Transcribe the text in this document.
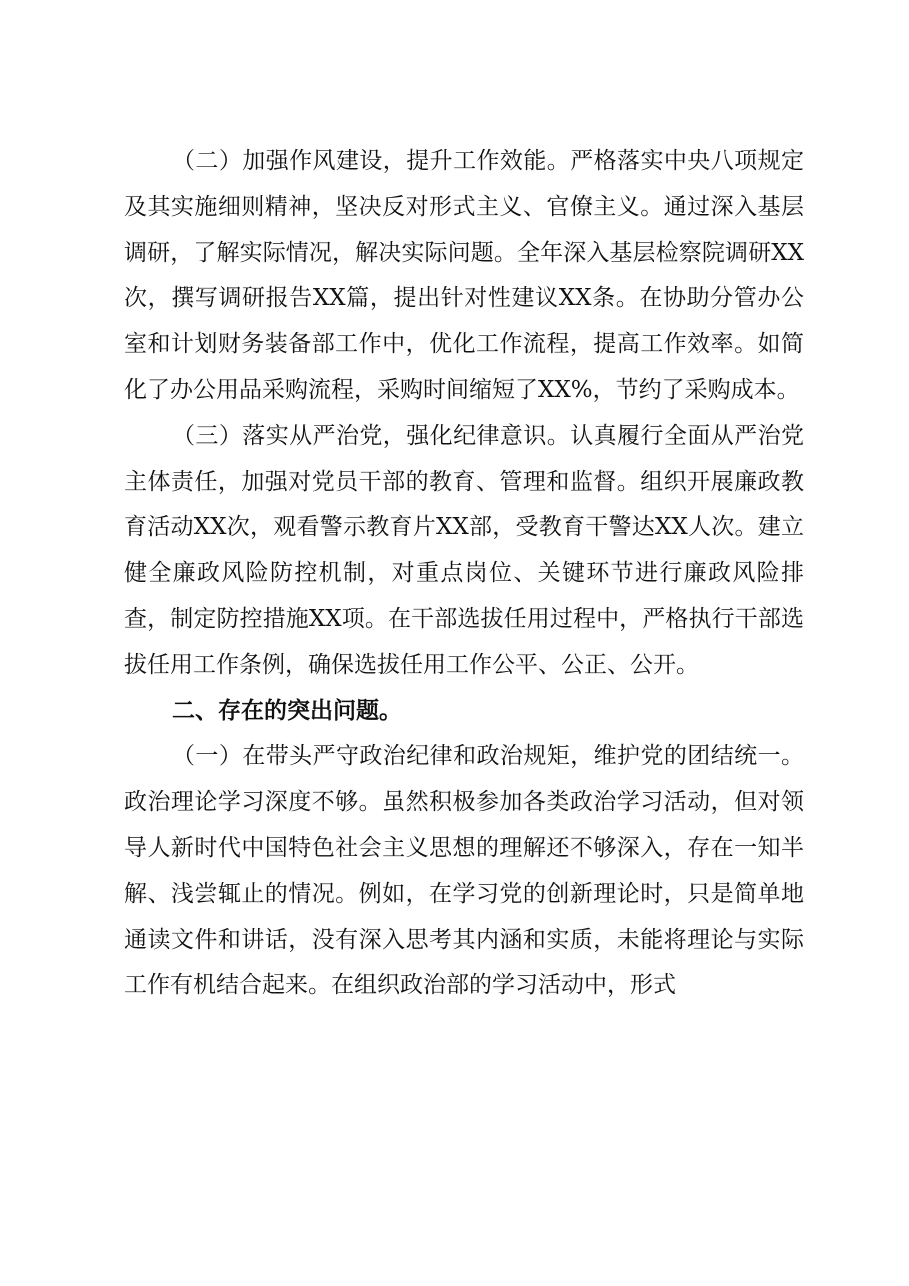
（二）加强作风建设，提升工作效能。严格落实中央八项规定及其实施细则精神，坚决反对形式主义、官僚主义。通过深入基层调研，了解实际情况，解决实际问题。全年深入基层检察院调研XX次，撰写调研报告XX篇，提出针对性建议XX条。在协助分管办公室和计划财务装备部工作中，优化工作流程，提高工作效率。如简化了办公用品采购流程，采购时间缩短了XX%，节约了采购成本。

（三）落实从严治党，强化纪律意识。认真履行全面从严治党主体责任，加强对党员干部的教育、管理和监督。组织开展廉政教育活动XX次，观看警示教育片XX部，受教育干警达XX人次。建立健全廉政风险防控机制，对重点岗位、关键环节进行廉政风险排查，制定防控措施XX项。在干部选拔任用过程中，严格执行干部选拔任用工作条例，确保选拔任用工作公平、公正、公开。

二、存在的突出问题。

（一）在带头严守政治纪律和政治规矩，维护党的团结统一。政治理论学习深度不够。虽然积极参加各类政治学习活动，但对领导人新时代中国特色社会主义思想的理解还不够深入，存在一知半解、浅尝辄止的情况。例如，在学习党的创新理论时，只是简单地通读文件和讲话，没有深入思考其内涵和实质，未能将理论与实际工作有机结合起来。在组织政治部的学习活动中，形式
